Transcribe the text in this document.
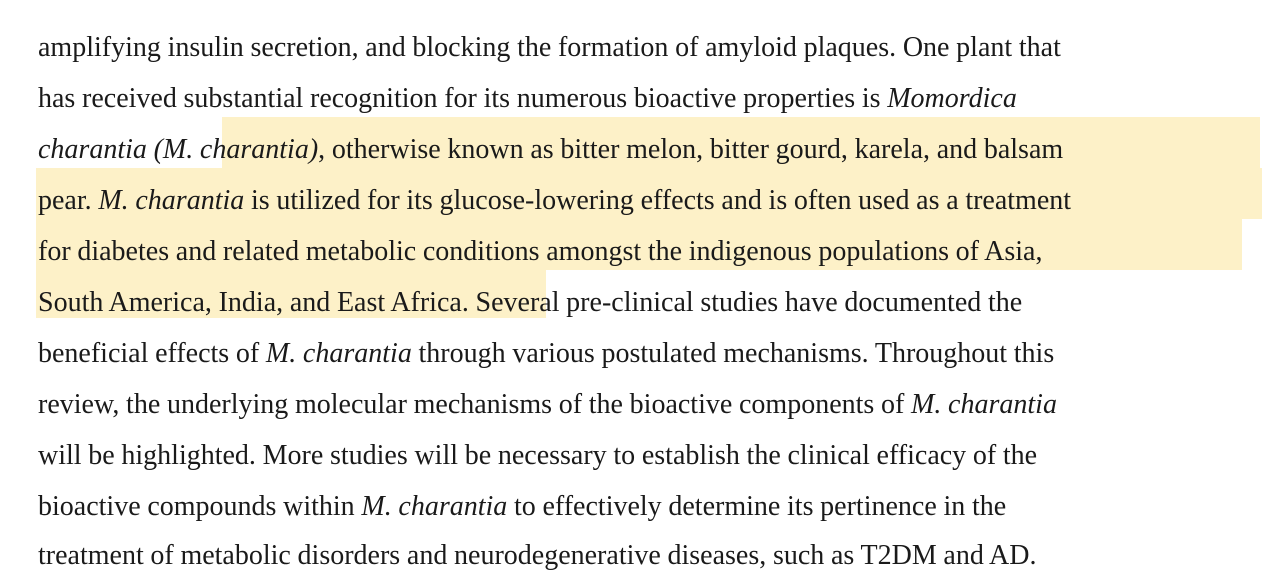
amplifying insulin secretion, and blocking the formation of amyloid plaques. One plant that
has received substantial recognition for its numerous bioactive properties is Momordica
charantia (M. charantia), otherwise known as bitter melon, bitter gourd, karela, and balsam
pear. M. charantia is utilized for its glucose-lowering effects and is often used as a treatment
for diabetes and related metabolic conditions amongst the indigenous populations of Asia,
South America, India, and East Africa. Several pre-clinical studies have documented the
beneficial effects of M. charantia through various postulated mechanisms. Throughout this
review, the underlying molecular mechanisms of the bioactive components of M. charantia
will be highlighted. More studies will be necessary to establish the clinical efficacy of the
bioactive compounds within M. charantia to effectively determine its pertinence in the
treatment of metabolic disorders and neurodegenerative diseases, such as T2DM and AD.
